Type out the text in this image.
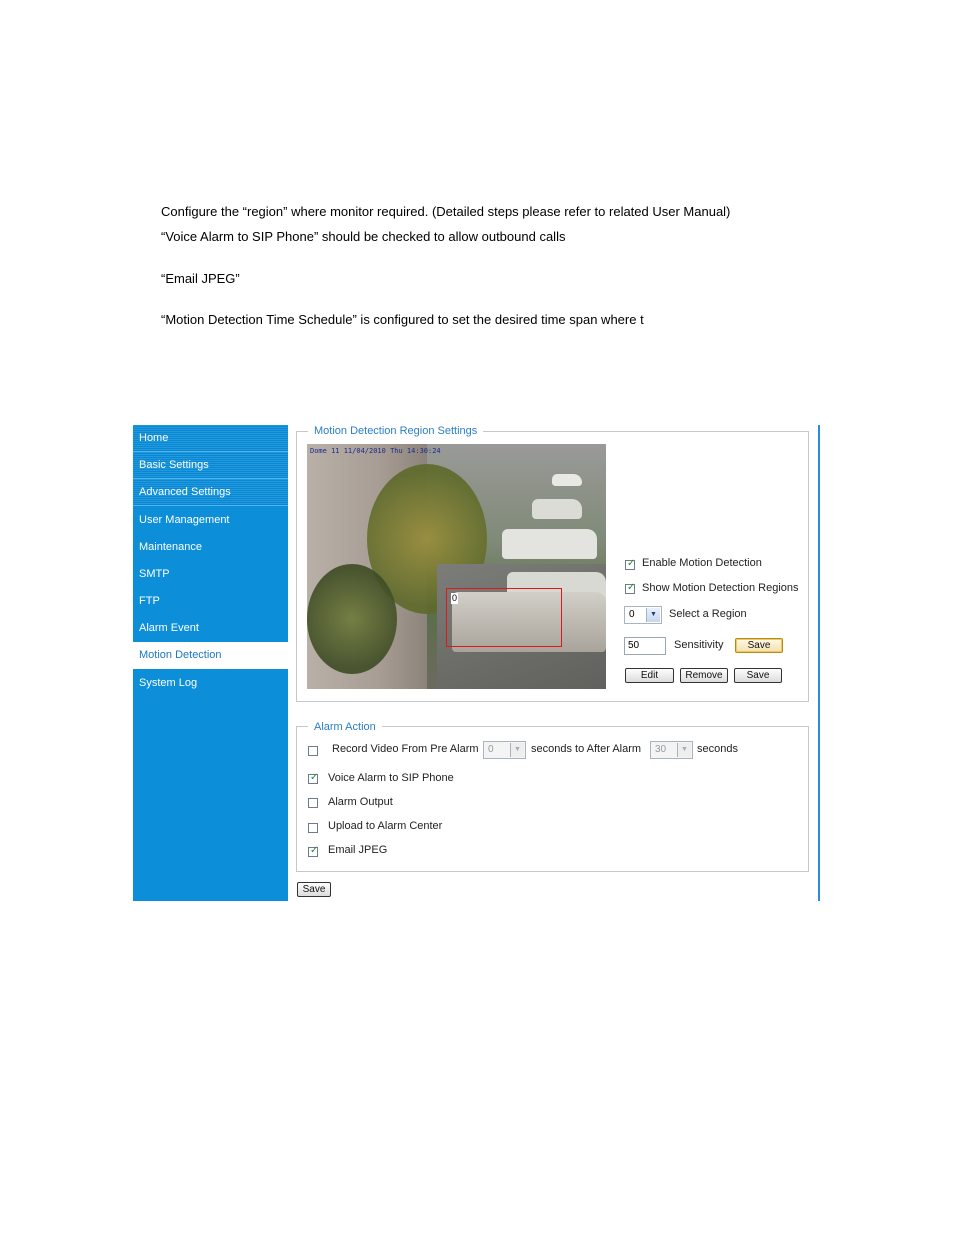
Configure the “region” where monitor required. (Detailed steps please refer to related User Manual)
“Voice Alarm to SIP Phone” should be checked to allow outbound calls
“Email JPEG”
“Motion Detection Time Schedule” is configured to set the desired time span where t
Home
Basic Settings
Advanced Settings
User Management
Maintenance
SMTP
FTP
Alarm Event
Motion Detection
System Log
Motion Detection Region Settings
Dome 11 11/04/2010 Thu 14:30:24
0
✓ Enable Motion Detection
✓ Show Motion Detection Regions
0	▼ Select a Region
50	Sensitivity	Save
Edit	Remove	Save
Alarm Action
Record Video From Pre Alarm 0	▼ seconds to After Alarm 30	▼ seconds
✓ Voice Alarm to SIP Phone
Alarm Output
Upload to Alarm Center
✓ Email JPEG
Save
